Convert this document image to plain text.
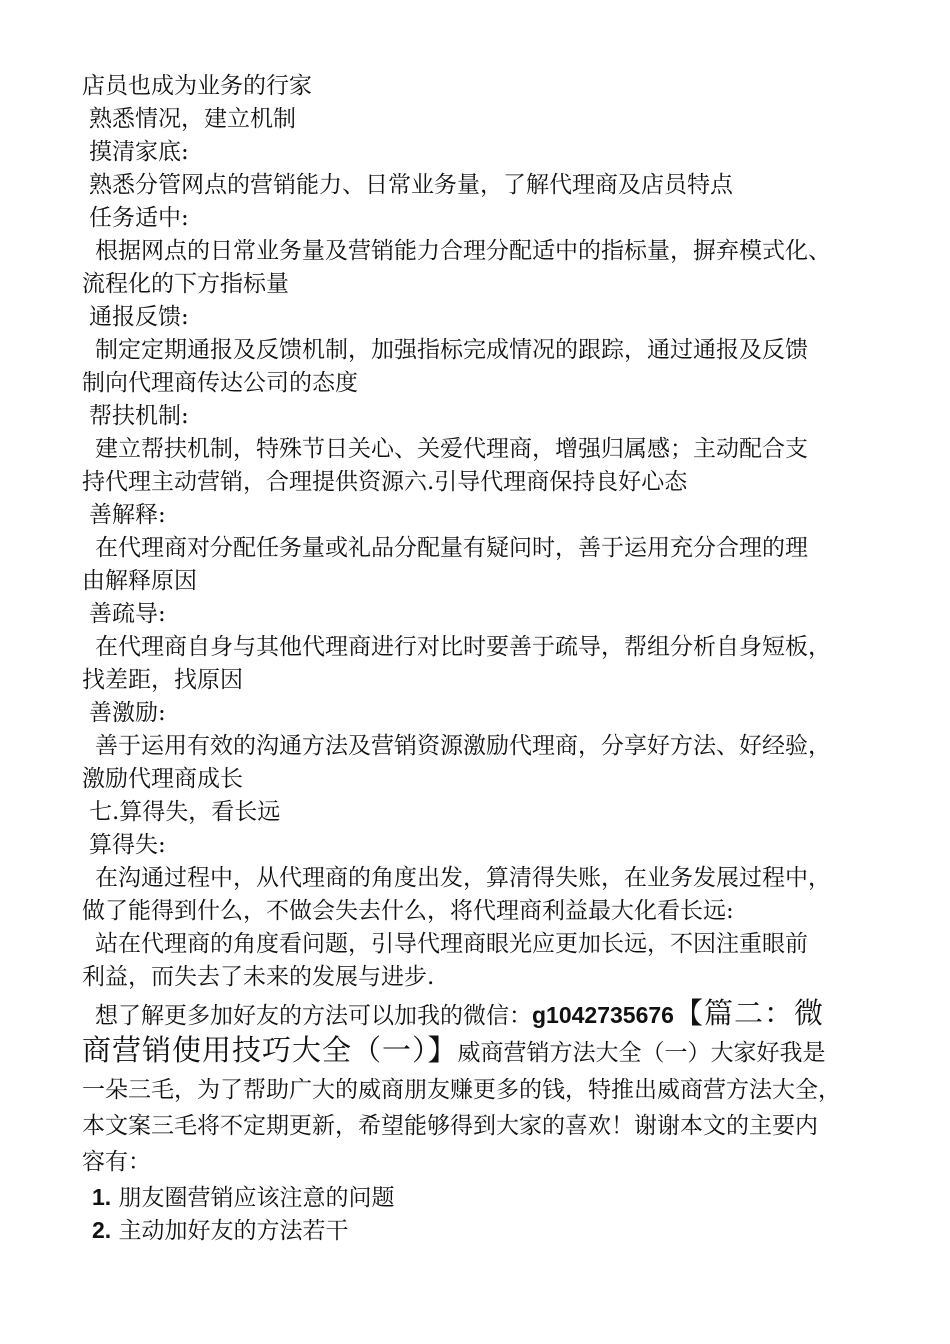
店员也成为业务的行家

熟悉情况，建立机制

摸清家底:

熟悉分管网点的营销能力、日常业务量，了解代理商及店员特点

任务适中:

根据网点的日常业务量及营销能力合理分配适中的指标量，摒弃模式化、

流程化的下方指标量

通报反馈:

制定定期通报及反馈机制，加强指标完成情况的跟踪，通过通报及反馈

制向代理商传达公司的态度

帮扶机制:

建立帮扶机制，特殊节日关心、关爱代理商，增强归属感；主动配合支

持代理主动营销，合理提供资源六.引导代理商保持良好心态

善解释:

在代理商对分配任务量或礼品分配量有疑问时，善于运用充分合理的理

由解释原因

善疏导:

在代理商自身与其他代理商进行对比时要善于疏导，帮组分析自身短板，

找差距，找原因

善激励:

善于运用有效的沟通方法及营销资源激励代理商，分享好方法、好经验，

激励代理商成长

七.算得失，看长远

算得失:

在沟通过程中，从代理商的角度出发，算清得失账，在业务发展过程中，

做了能得到什么，不做会失去什么，将代理商利益最大化看长远:

站在代理商的角度看问题，引导代理商眼光应更加长远，不因注重眼前

利益，而失去了未来的发展与进步.

想了解更多加好友的方法可以加我的微信：g1042735676【篇二：微

商营销使用技巧大全（一）】威商营销方法大全（一）大家好我是

一朵三毛，为了帮助广大的威商朋友赚更多的钱，特推出威商营方法大全，

本文案三毛将不定期更新，希望能够得到大家的喜欢！谢谢本文的主要内

容有：

1. 朋友圈营销应该注意的问题

2. 主动加好友的方法若干
